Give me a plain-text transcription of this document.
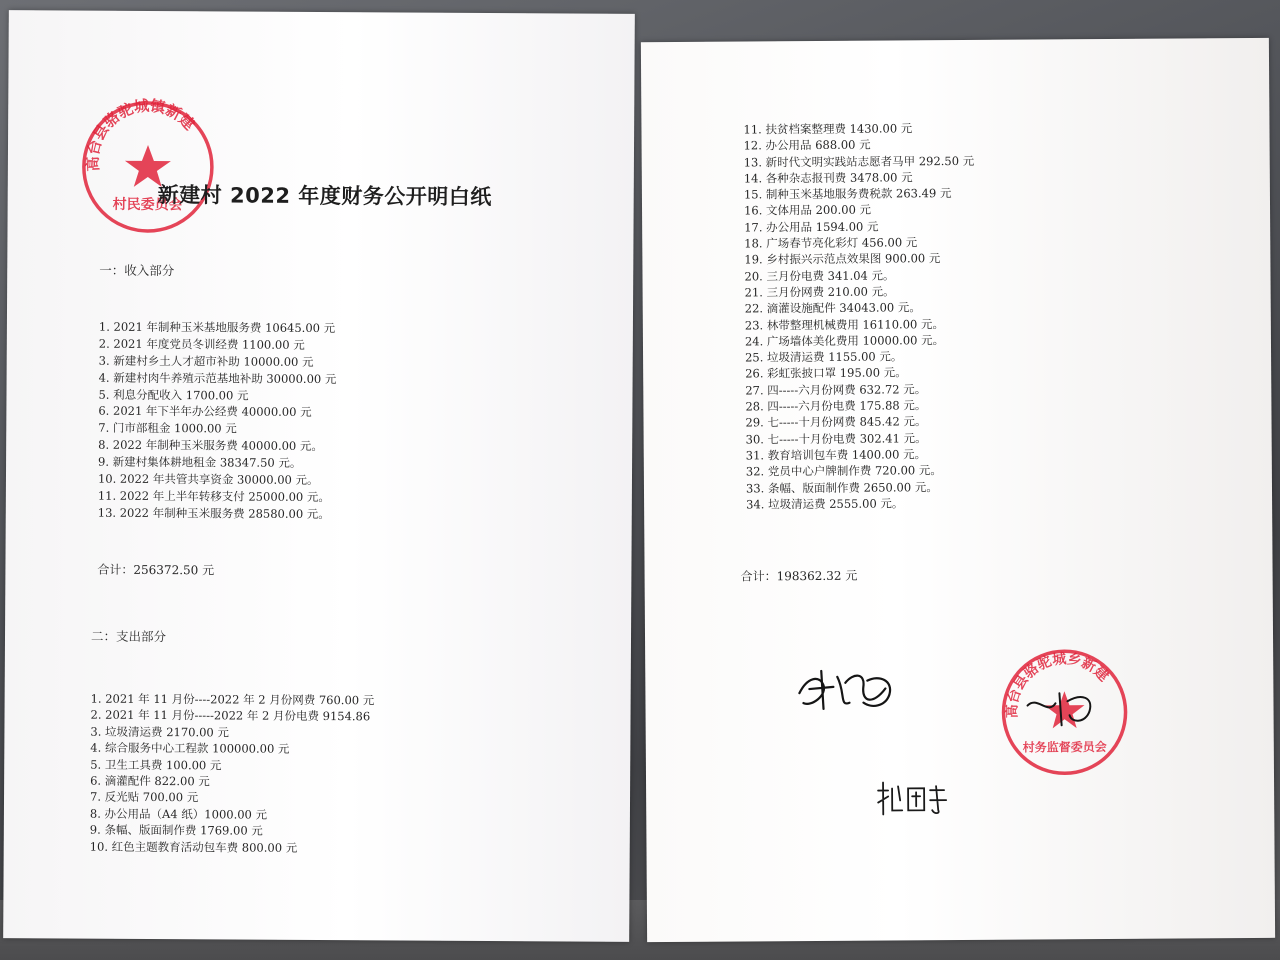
高台县骆驼城镇新建
村民委员会
新建村 2022 年度财务公开明白纸
一：收入部分
1. 2021 年制种玉米基地服务费 10645.00 元
2. 2021 年度党员冬训经费 1100.00 元
3. 新建村乡土人才超市补助 10000.00 元
4. 新建村肉牛养殖示范基地补助 30000.00 元
5. 利息分配收入 1700.00 元
6. 2021 年下半年办公经费 40000.00 元
7. 门市部租金 1000.00 元
8. 2022 年制种玉米服务费 40000.00 元。
9. 新建村集体耕地租金 38347.50 元。
10. 2022 年共管共享资金 30000.00 元。
11. 2022 年上半年转移支付 25000.00 元。
13. 2022 年制种玉米服务费 28580.00 元。
合计：256372.50 元
二：支出部分
1. 2021 年 11 月份----2022 年 2 月份网费 760.00 元
2. 2021 年 11 月份-----2022 年 2 月份电费 9154.86
3. 垃圾清运费 2170.00 元
4. 综合服务中心工程款 100000.00 元
5. 卫生工具费 100.00 元
6. 滴灌配件 822.00 元
7. 反光贴 700.00 元
8. 办公用品（A4 纸）1000.00 元
9. 条幅、版面制作费 1769.00 元
10. 红色主题教育活动包车费 800.00 元
11. 扶贫档案整理费 1430.00 元
12. 办公用品 688.00 元
13. 新时代文明实践站志愿者马甲 292.50 元
14. 各种杂志报刊费 3478.00 元
15. 制种玉米基地服务费税款 263.49 元
16. 文体用品 200.00 元
17. 办公用品 1594.00 元
18. 广场春节亮化彩灯 456.00 元
19. 乡村振兴示范点效果图 900.00 元
20. 三月份电费 341.04 元。
21. 三月份网费 210.00 元。
22. 滴灌设施配件 34043.00 元。
23. 林带整理机械费用 16110.00 元。
24. 广场墙体美化费用 10000.00 元。
25. 垃圾清运费 1155.00 元。
26. 彩虹张披口罩 195.00 元。
27. 四-----六月份网费 632.72 元。
28. 四-----六月份电费 175.88 元。
29. 七-----十月份网费 845.42 元。
30. 七-----十月份电费 302.41 元。
31. 教育培训包车费 1400.00 元。
32. 党员中心户牌制作费 720.00 元。
33. 条幅、版面制作费 2650.00 元。
34. 垃圾清运费 2555.00 元。
合计：198362.32 元
高台县骆驼城乡新建
村务监督委员会
